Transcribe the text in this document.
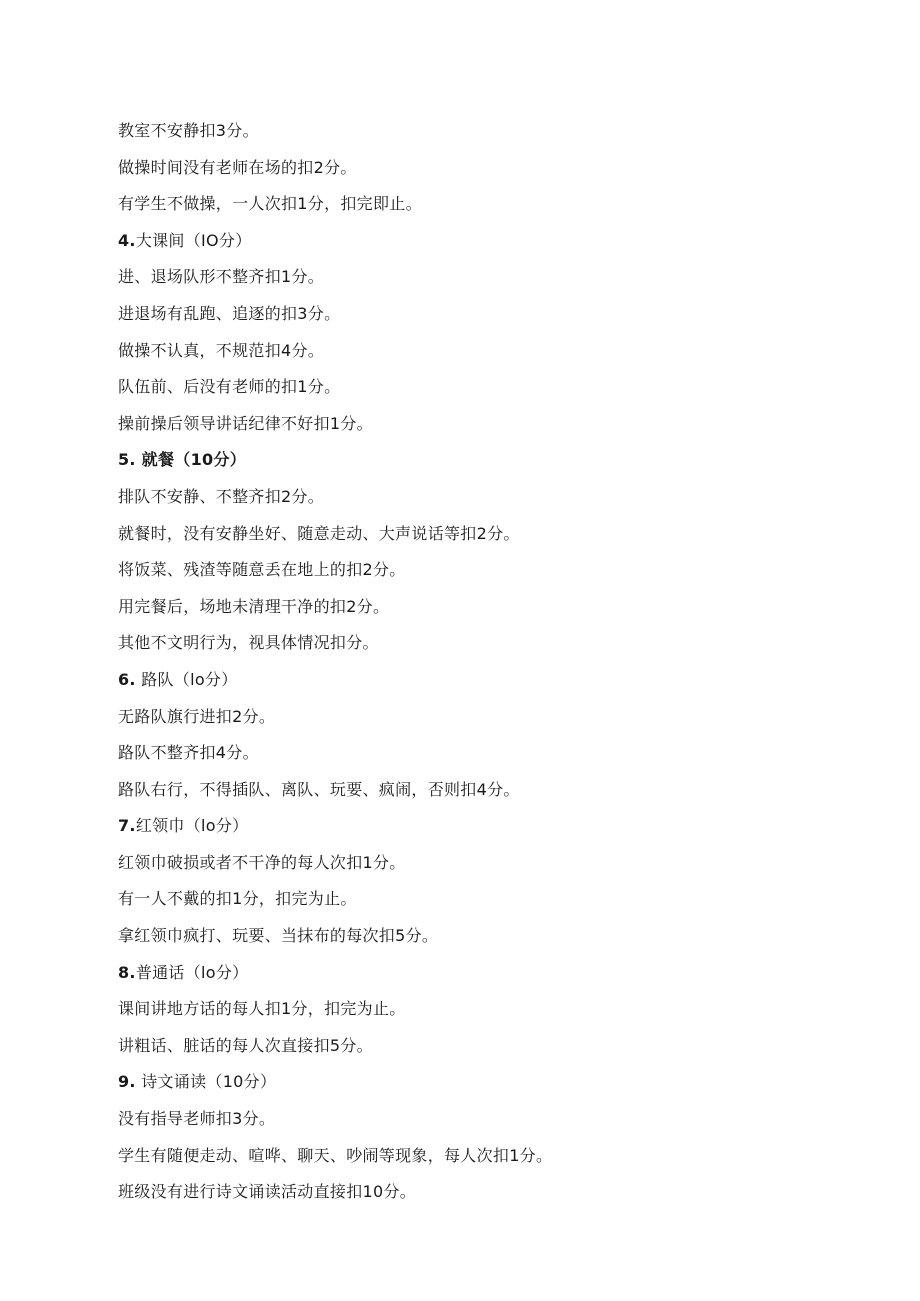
教室不安静扣3分。
做操时间没有老师在场的扣2分。
有学生不做操，一人次扣1分，扣完即止。
4.大课间（IO分）
进、退场队形不整齐扣1分。
进退场有乱跑、追逐的扣3分。
做操不认真，不规范扣4分。
队伍前、后没有老师的扣1分。
操前操后领导讲话纪律不好扣1分。
5. 就餐（10分）
排队不安静、不整齐扣2分。
就餐时，没有安静坐好、随意走动、大声说话等扣2分。
将饭菜、残渣等随意丢在地上的扣2分。
用完餐后，场地未清理干净的扣2分。
其他不文明行为，视具体情况扣分。
6. 路队（lo分）
无路队旗行进扣2分。
路队不整齐扣4分。
路队右行，不得插队、离队、玩要、疯闹，否则扣4分。
7.红领巾（lo分）
红领巾破损或者不干净的每人次扣1分。
有一人不戴的扣1分，扣完为止。
拿红领巾疯打、玩要、当抹布的每次扣5分。
8.普通话（lo分）
课间讲地方话的每人扣1分，扣完为止。
讲粗话、脏话的每人次直接扣5分。
9. 诗文诵读（10分）
没有指导老师扣3分。
学生有随便走动、喧哗、聊天、吵闹等现象，每人次扣1分。
班级没有进行诗文诵读活动直接扣10分。
